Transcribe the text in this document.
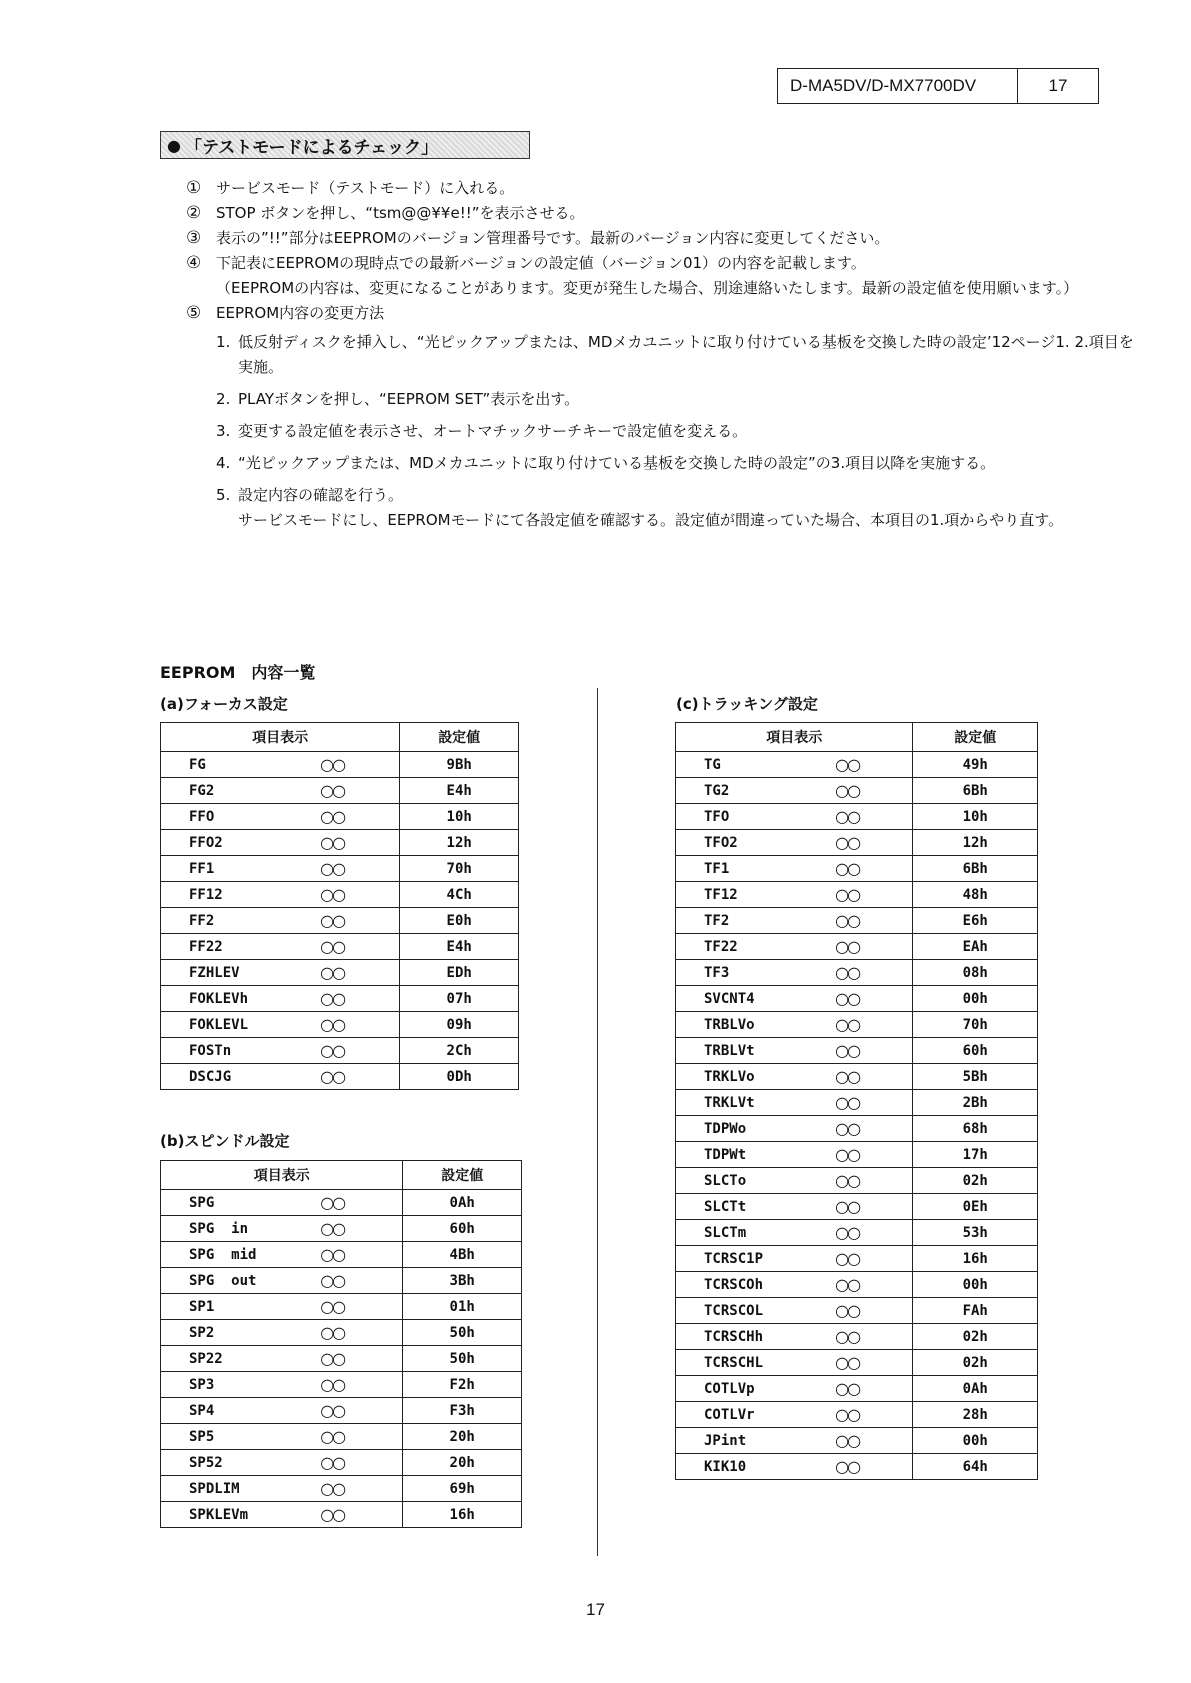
D-MA5DV/D-MX7700DV	17
● 「テストモードによるチェック」
① サービスモード（テストモード）に入れる。
② STOP ボタンを押し、“tsm@@¥¥e!!”を表示させる。
③ 表示の”!!”部分はEEPROMのバージョン管理番号です。最新のバージョン内容に変更してください。
④ 下記表にEEPROMの現時点での最新バージョンの設定値（バージョン01）の内容を記載します。
（EEPROMの内容は、変更になることがあります。変更が発生した場合、別途連絡いたします。最新の設定値を使用願います。）
⑤ EEPROM内容の変更方法
1. 低反射ディスクを挿入し、“光ピックアップまたは、MDメカユニットに取り付けている基板を交換した時の設定’12ページ1. 2.項目を実施。
2. PLAYボタンを押し、“EEPROM SET”表示を出す。
3. 変更する設定値を表示させ、オートマチックサーチキーで設定値を変える。
4. “光ピックアップまたは、MDメカユニットに取り付けている基板を交換した時の設定”の3.項目以降を実施する。
5. 設定内容の確認を行う。
サービスモードにし、EEPROMモードにて各設定値を確認する。設定値が間違っていた場合、本項目の1.項からやり直す。
EEPROM　内容一覧
(a)フォーカス設定
項目表示		設定値
FG	○○	9Bh
FG2	○○	E4h
FFO	○○	10h
FFO2	○○	12h
FF1	○○	70h
FF12	○○	4Ch
FF2	○○	E0h
FF22	○○	E4h
FZHLEV	○○	EDh
FOKLEVh	○○	07h
FOKLEVL	○○	09h
FOSTn	○○	2Ch
DSCJG	○○	0Dh
(b)スピンドル設定
項目表示		設定値
SPG	○○	0Ah
SPG  in	○○	60h
SPG  mid	○○	4Bh
SPG  out	○○	3Bh
SP1	○○	01h
SP2	○○	50h
SP22	○○	50h
SP3	○○	F2h
SP4	○○	F3h
SP5	○○	20h
SP52	○○	20h
SPDLIM	○○	69h
SPKLEVm	○○	16h
(c)トラッキング設定
項目表示		設定値
TG	○○	49h
TG2	○○	6Bh
TFO	○○	10h
TFO2	○○	12h
TF1	○○	6Bh
TF12	○○	48h
TF2	○○	E6h
TF22	○○	EAh
TF3	○○	08h
SVCNT4	○○	00h
TRBLVo	○○	70h
TRBLVt	○○	60h
TRKLVo	○○	5Bh
TRKLVt	○○	2Bh
TDPWo	○○	68h
TDPWt	○○	17h
SLCTo	○○	02h
SLCTt	○○	0Eh
SLCTm	○○	53h
TCRSC1P	○○	16h
TCRSCOh	○○	00h
TCRSCOL	○○	FAh
TCRSCHh	○○	02h
TCRSCHL	○○	02h
COTLVp	○○	0Ah
COTLVr	○○	28h
JPint	○○	00h
KIK10	○○	64h
17
